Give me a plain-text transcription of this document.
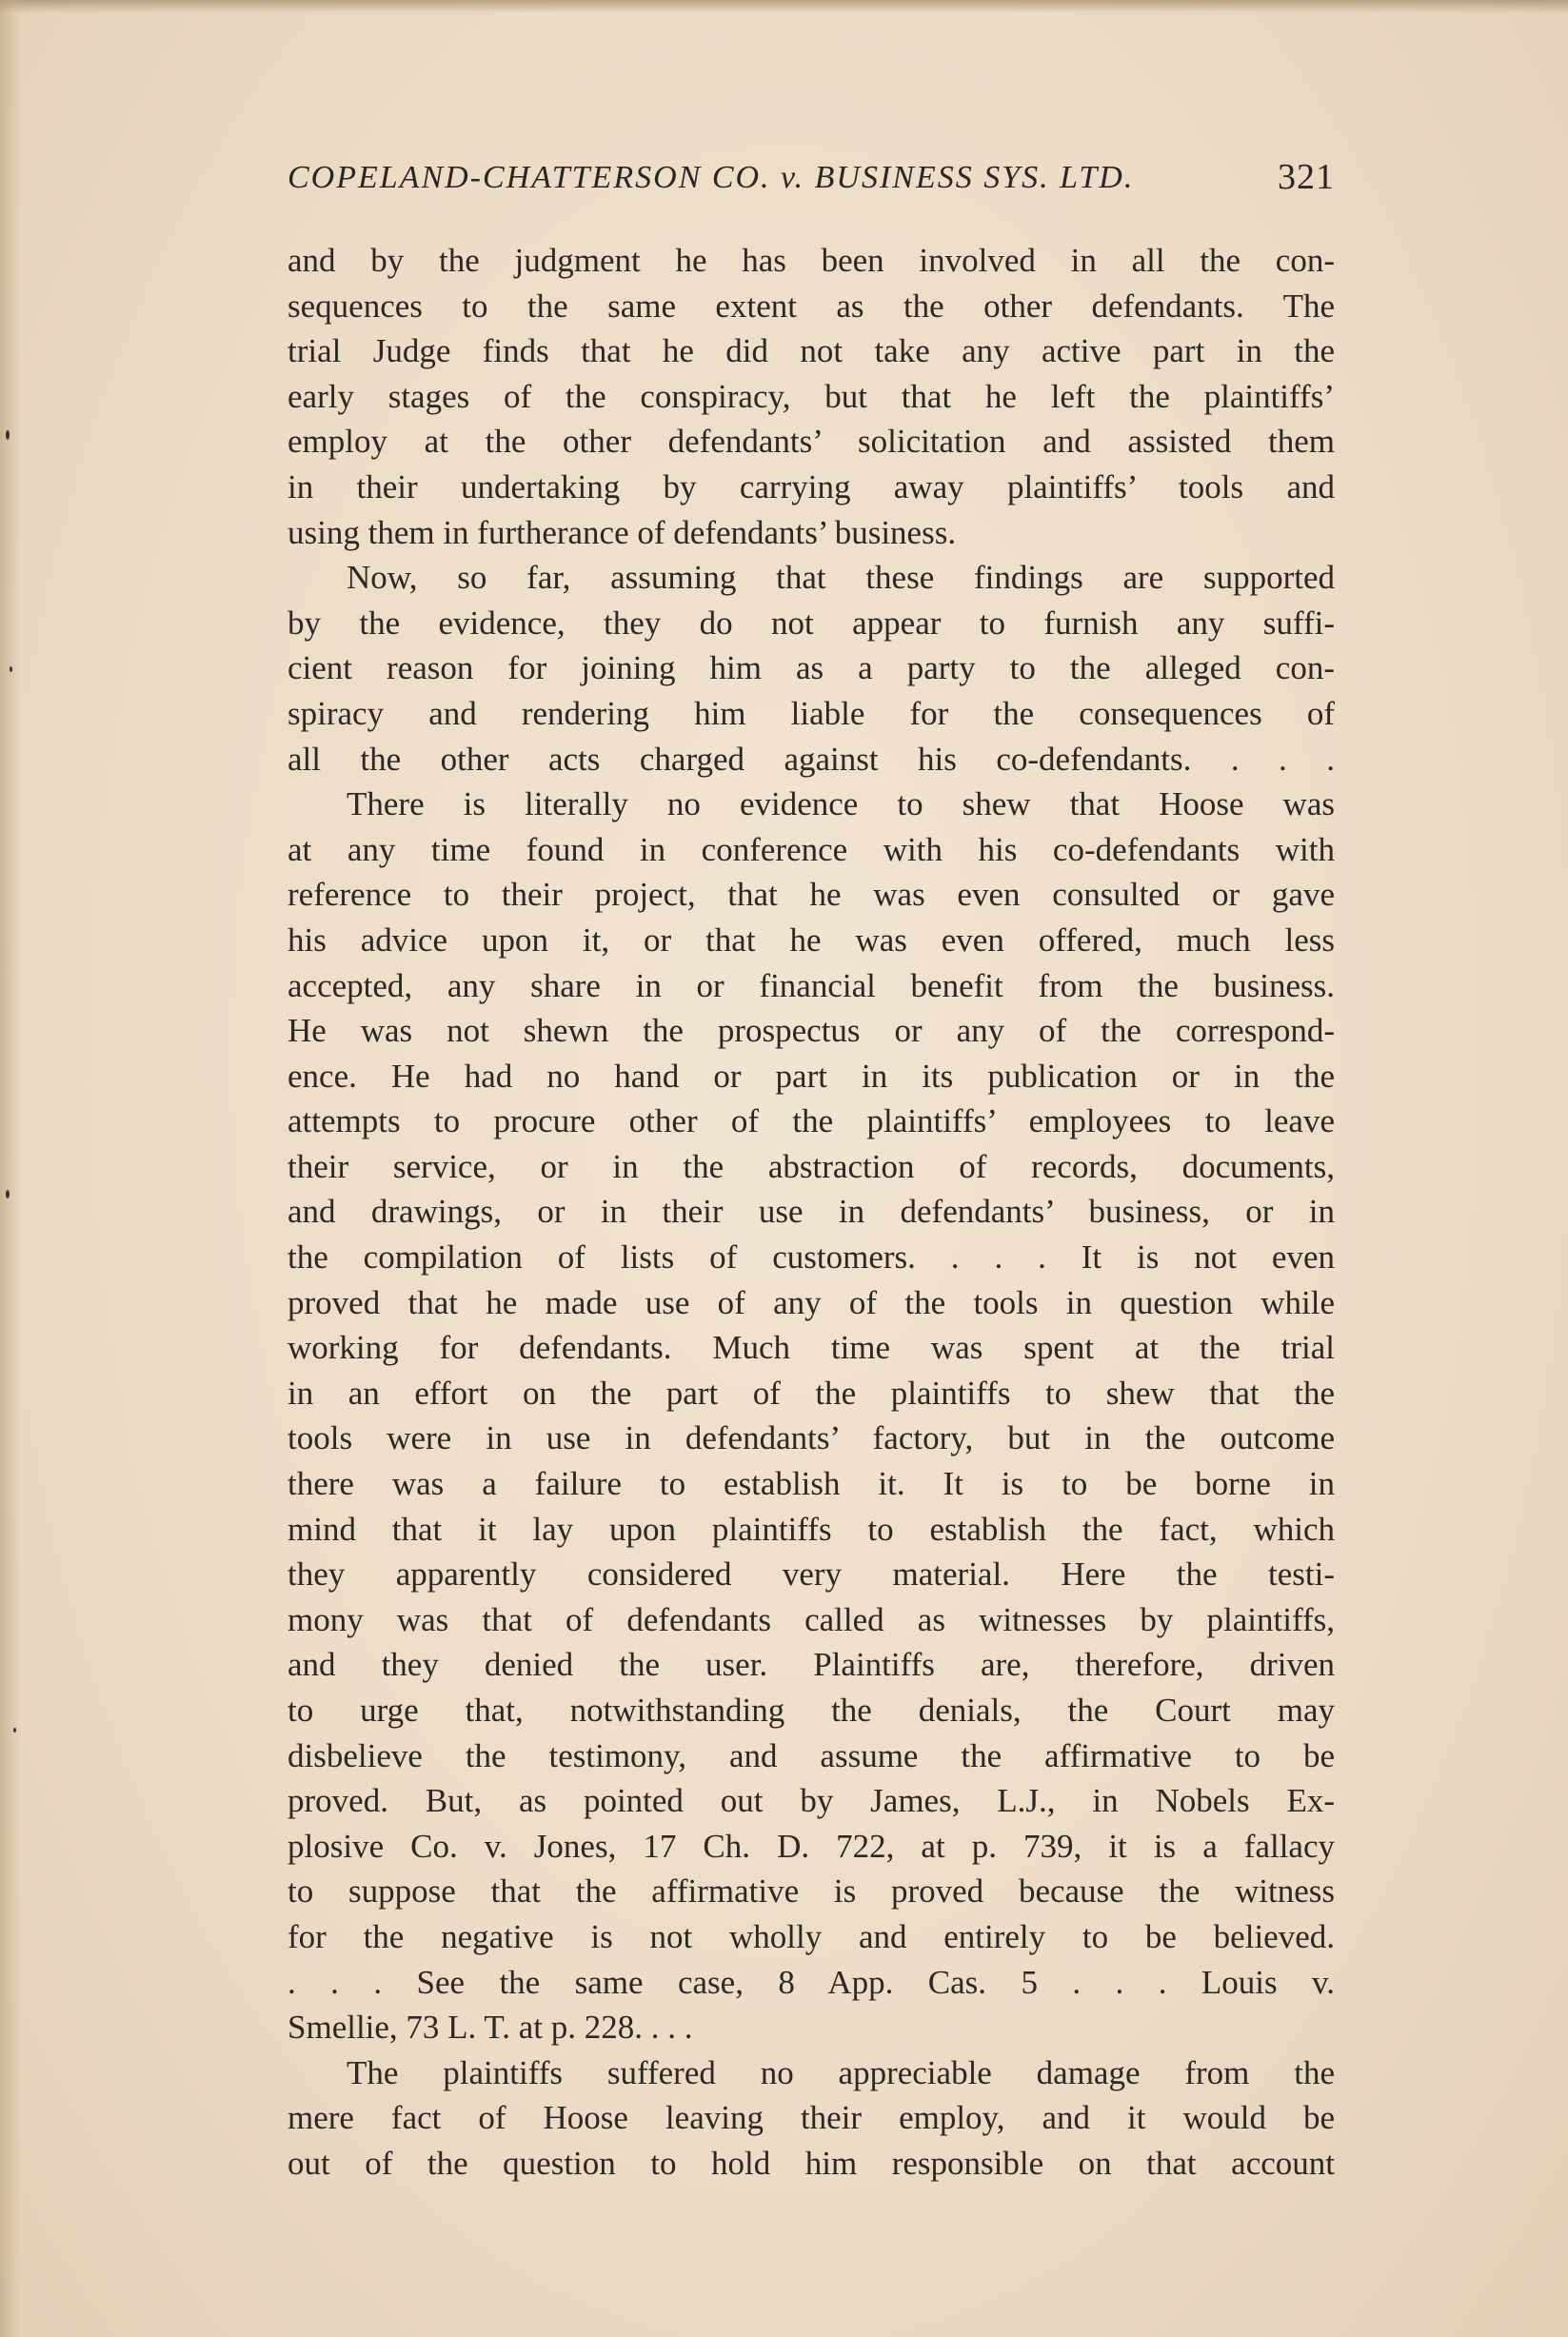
COPELAND-CHATTERSON CO. v. BUSINESS SYS. LTD.	321

and by the judgment he has been involved in all the con-
sequences to the same extent as the other defendants. The
trial Judge finds that he did not take any active part in the
early stages of the conspiracy, but that he left the plaintiffs’
employ at the other defendants’ solicitation and assisted them
in their undertaking by carrying away plaintiffs’ tools and
using them in furtherance of defendants’ business.

Now, so far, assuming that these findings are supported
by the evidence, they do not appear to furnish any suffi-
cient reason for joining him as a party to the alleged con-
spiracy and rendering him liable for the consequences of
all the other acts charged against his co-defendants. . . .

There is literally no evidence to shew that Hoose was
at any time found in conference with his co-defendants with
reference to their project, that he was even consulted or gave
his advice upon it, or that he was even offered, much less
accepted, any share in or financial benefit from the business.
He was not shewn the prospectus or any of the correspond-
ence. He had no hand or part in its publication or in the
attempts to procure other of the plaintiffs’ employees to leave
their service, or in the abstraction of records, documents,
and drawings, or in their use in defendants’ business, or in
the compilation of lists of customers. . . . It is not even
proved that he made use of any of the tools in question while
working for defendants. Much time was spent at the trial
in an effort on the part of the plaintiffs to shew that the
tools were in use in defendants’ factory, but in the outcome
there was a failure to establish it. It is to be borne in
mind that it lay upon plaintiffs to establish the fact, which
they apparently considered very material. Here the testi-
mony was that of defendants called as witnesses by plaintiffs,
and they denied the user. Plaintiffs are, therefore, driven
to urge that, notwithstanding the denials, the Court may
disbelieve the testimony, and assume the affirmative to be
proved. But, as pointed out by James, L.J., in Nobels Ex-
plosive Co. v. Jones, 17 Ch. D. 722, at p. 739, it is a fallacy
to suppose that the affirmative is proved because the witness
for the negative is not wholly and entirely to be believed.
. . . See the same case, 8 App. Cas. 5 . . . Louis v.
Smellie, 73 L. T. at p. 228. . . .

The plaintiffs suffered no appreciable damage from the
mere fact of Hoose leaving their employ, and it would be
out of the question to hold him responsible on that account
